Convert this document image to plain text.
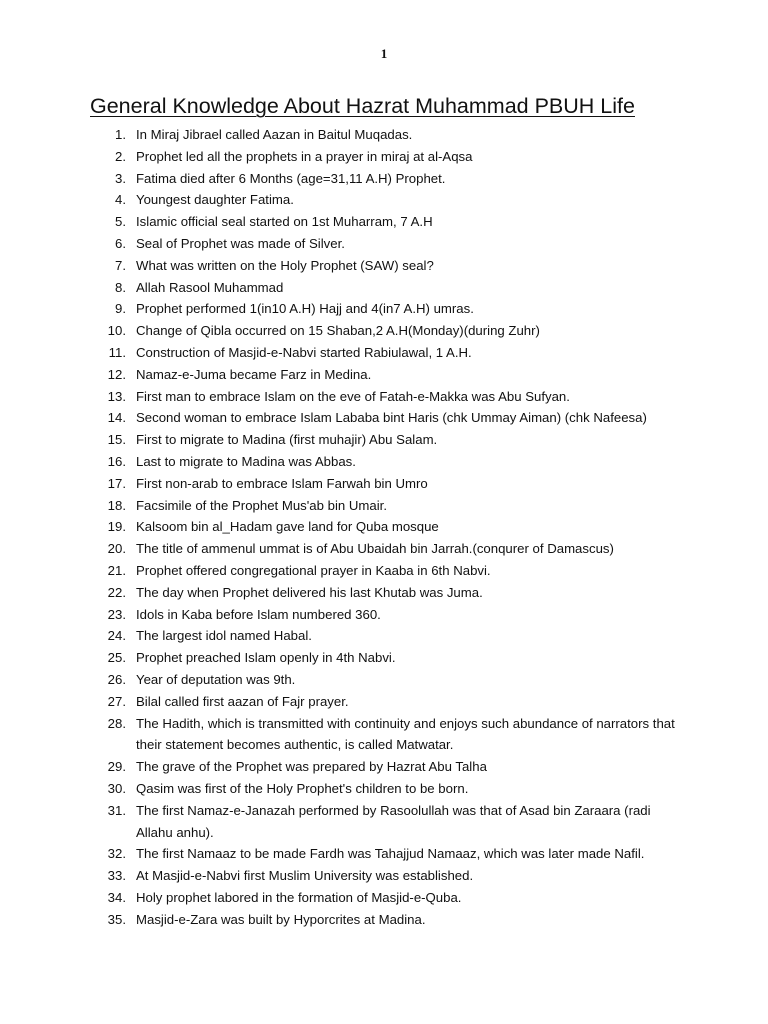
1
General Knowledge About Hazrat Muhammad PBUH Life
1. In Miraj Jibrael called Aazan in Baitul Muqadas.
2. Prophet led all the prophets in a prayer in miraj at al-Aqsa
3. Fatima died after 6 Months (age=31,11 A.H) Prophet.
4. Youngest daughter Fatima.
5. Islamic official seal started on 1st Muharram, 7 A.H
6. Seal of Prophet was made of Silver.
7. What was written on the Holy Prophet (SAW) seal?
8. Allah Rasool Muhammad
9. Prophet performed 1(in10 A.H) Hajj and 4(in7 A.H) umras.
10. Change of Qibla occurred on 15 Shaban,2 A.H(Monday)(during Zuhr)
11. Construction of Masjid-e-Nabvi started Rabiulawal, 1 A.H.
12. Namaz-e-Juma became Farz in Medina.
13. First man to embrace Islam on the eve of Fatah-e-Makka was Abu Sufyan.
14. Second woman to embrace Islam Lababa bint Haris (chk Ummay Aiman) (chk Nafeesa)
15. First to migrate to Madina (first muhajir) Abu Salam.
16. Last to migrate to Madina was Abbas.
17. First non-arab to embrace Islam Farwah bin Umro
18. Facsimile of the Prophet Mus'ab bin Umair.
19. Kalsoom bin al_Hadam gave land for Quba mosque
20. The title of ammenul ummat is of Abu Ubaidah bin Jarrah.(conqurer of Damascus)
21. Prophet offered congregational prayer in Kaaba in 6th Nabvi.
22. The day when Prophet delivered his last Khutab was Juma.
23. Idols in Kaba before Islam numbered 360.
24. The largest idol named Habal.
25. Prophet preached Islam openly in 4th Nabvi.
26. Year of deputation was 9th.
27. Bilal called first aazan of Fajr prayer.
28. The Hadith, which is transmitted with continuity and enjoys such abundance of narrators that their statement becomes authentic, is called Matwatar.
29. The grave of the Prophet was prepared by Hazrat Abu Talha
30. Qasim was first of the Holy Prophet's children to be born.
31. The first Namaz-e-Janazah performed by Rasoolullah was that of Asad bin Zaraara (radi Allahu anhu).
32. The first Namaaz to be made Fardh was Tahajjud Namaaz, which was later made Nafil.
33. At Masjid-e-Nabvi first Muslim University was established.
34. Holy prophet labored in the formation of Masjid-e-Quba.
35. Masjid-e-Zara was built by Hyporcrites at Madina.
